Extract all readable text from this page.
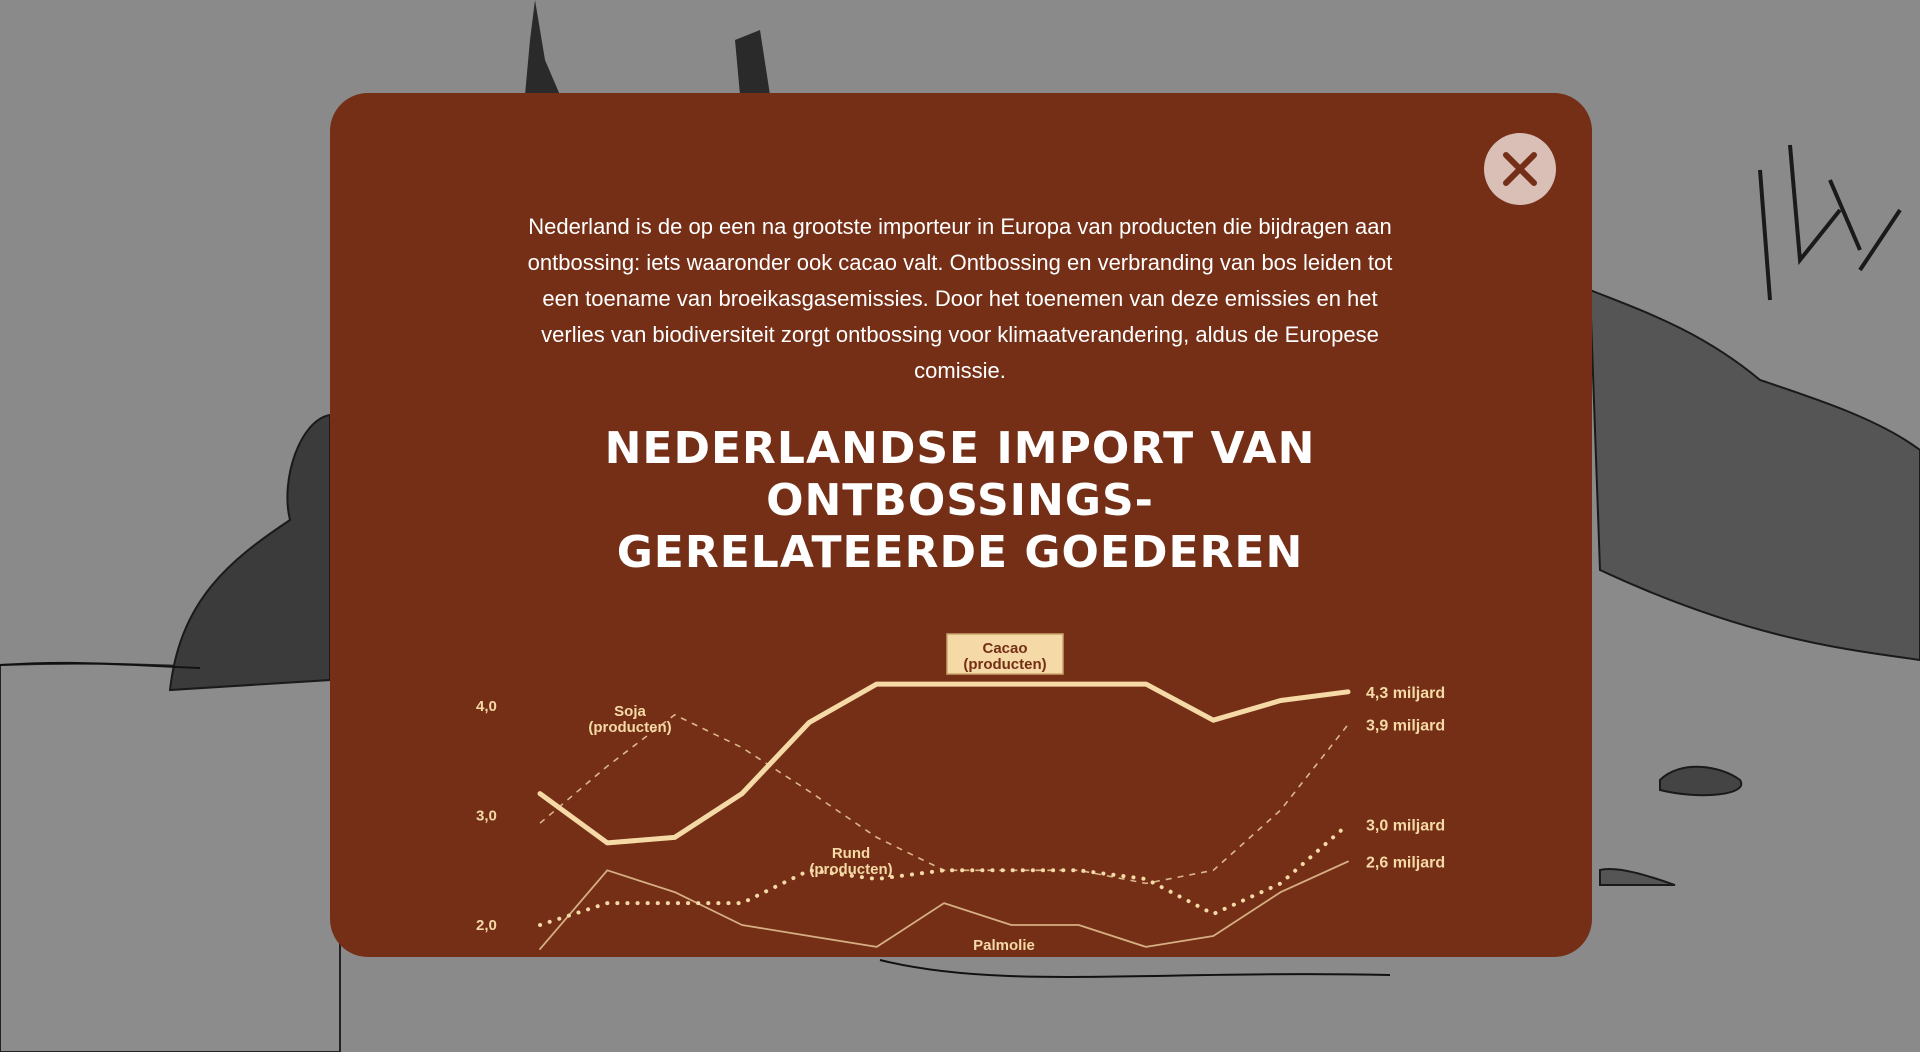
Nederland is de op een na grootste importeur in Europa van producten die bijdragen aan ontbossing: iets waaronder ook cacao valt. Ontbossing en verbranding van bos leiden tot een toename van broeikasgasemissies. Door het toenemen van deze emissies en het verlies van biodiversiteit zorgt ontbossing voor klimaatverandering, aldus de Europese comissie.

NEDERLANDSE IMPORT VAN ONTBOSSINGS-GERELATEERDE GOEDEREN
4,0
3,0
2,0
4,3 miljard
3,9 miljard
3,0 miljard
2,6 miljard
Cacao (producten)
Soja (producten)
Rund (producten)
Palmolie
